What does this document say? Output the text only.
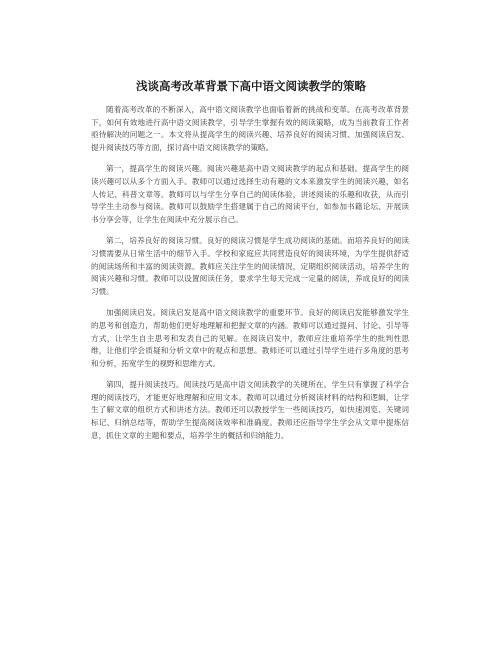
浅谈高考改革背景下高中语文阅读教学的策略

随着高考改革的不断深入，高中语文阅读教学也面临着新的挑战和变革。在高考改革背景下，如何有效地进行高中语文阅读教学，引导学生掌握有效的阅读策略，成为当前教育工作者亟待解决的问题之一。本文将从提高学生的阅读兴趣、培养良好的阅读习惯、加强阅读启发、提升阅读技巧等方面，探讨高中语文阅读教学的策略。

第一，提高学生的阅读兴趣。阅读兴趣是高中语文阅读教学的起点和基础。提高学生的阅读兴趣可以从多个方面入手。教师可以通过选择生动有趣的文本来激发学生的阅读兴趣，如名人传记、科普文章等。教师可以与学生分享自己的阅读体验，讲述阅读的乐趣和收获，从而引导学生主动参与阅读。教师可以鼓励学生搭建属于自己的阅读平台，如参加书籍论坛、开展读书分享会等，让学生在阅读中充分展示自己。

第二，培养良好的阅读习惯。良好的阅读习惯是学生成功阅读的基础。而培养良好的阅读习惯需要从日常生活中的细节入手。学校和家庭应共同营造良好的阅读环境，为学生提供舒适的阅读场所和丰富的阅读资源。教师应关注学生的阅读情况，定期组织阅读活动，培养学生的阅读兴趣和习惯。教师可以设置阅读任务，要求学生每天完成一定量的阅读，养成良好的阅读习惯。

加强阅读启发。阅读启发是高中语文阅读教学的重要环节。良好的阅读启发能够激发学生的思考和创造力，帮助他们更好地理解和把握文章的内涵。教师可以通过提问、讨论、引导等方式，让学生自主思考和发表自己的见解。在阅读启发中，教师应注重培养学生的批判性思维，让他们学会质疑和分析文章中的观点和思想。教师还可以通过引导学生进行多角度的思考和分析，拓宽学生的视野和思维方式。

第四，提升阅读技巧。阅读技巧是高中语文阅读教学的关键所在。学生只有掌握了科学合理的阅读技巧，才能更好地理解和应用文本。教师可以通过分析阅读材料的结构和逻辑，让学生了解文章的组织方式和讲述方法。教师还可以教授学生一些阅读技巧，如快速浏览、关键词标记、归纳总结等，帮助学生提高阅读效率和准确度。教师还应指导学生学会从文章中提炼信息，抓住文章的主题和要点，培养学生的概括和归纳能力。
